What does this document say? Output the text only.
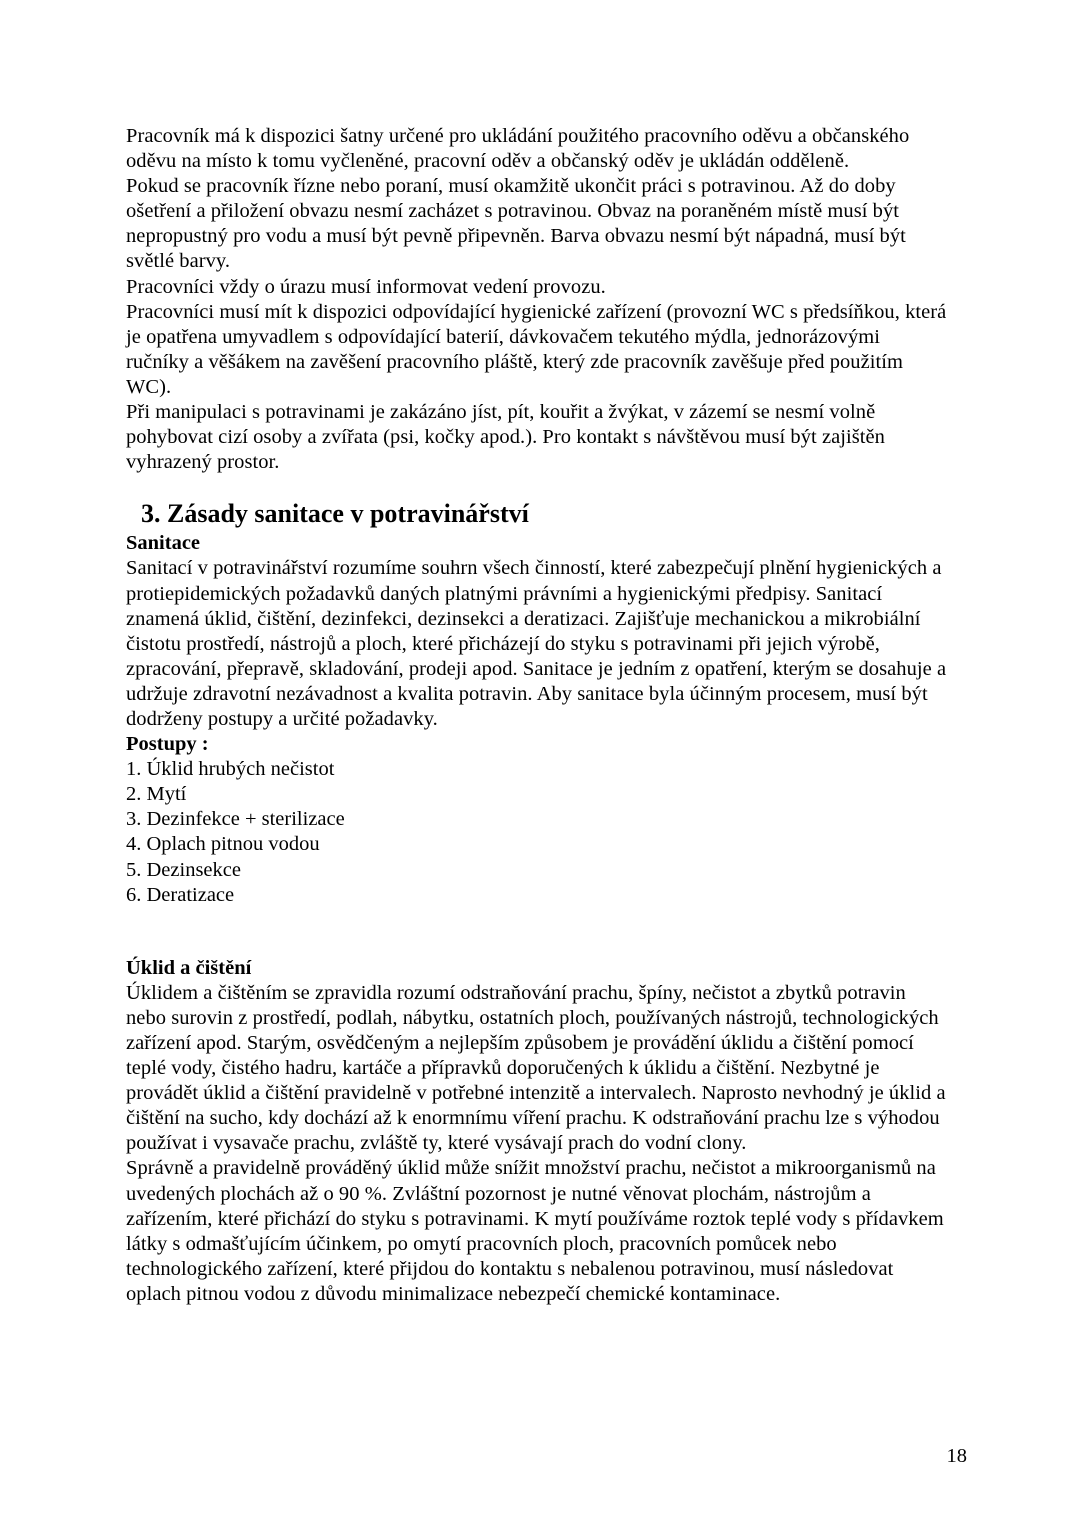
Pracovník má k dispozici šatny určené pro ukládání použitého pracovního oděvu a občanského oděvu na místo k tomu vyčleněné, pracovní oděv a občanský oděv je ukládán odděleně.

Pokud se pracovník řízne nebo poraní, musí okamžitě ukončit práci s potravinou. Až do doby ošetření a přiložení obvazu nesmí zacházet s potravinou. Obvaz na poraněném místě musí být nepropustný pro vodu a musí být pevně připevněn. Barva obvazu nesmí být nápadná, musí být světlé barvy.

Pracovníci vždy o úrazu musí informovat vedení provozu.

Pracovníci musí mít k dispozici odpovídající hygienické zařízení (provozní WC s předsíňkou, která je opatřena umyvadlem s odpovídající baterií, dávkovačem tekutého mýdla, jednorázovými ručníky a věšákem na zavěšení pracovního pláště, který zde pracovník zavěšuje před použitím WC).

Při manipulaci s potravinami je zakázáno jíst, pít, kouřit a žvýkat, v zázemí se nesmí volně pohybovat cizí osoby a zvířata (psi, kočky apod.). Pro kontakt s návštěvou musí být zajištěn vyhrazený prostor.

3. Zásady sanitace v potravinářství
Sanitace

Sanitací v potravinářství rozumíme souhrn všech činností, které zabezpečují plnění hygienických a protiepidemických požadavků daných platnými právními a hygienickými předpisy. Sanitací znamená úklid, čištění, dezinfekci, dezinsekci a deratizaci. Zajišťuje mechanickou a mikrobiální čistotu prostředí, nástrojů a ploch, které přicházejí do styku s potravinami při jejich výrobě, zpracování, přepravě, skladování, prodeji apod. Sanitace je jedním z opatření, kterým se dosahuje a udržuje zdravotní nezávadnost a kvalita potravin. Aby sanitace byla účinným procesem, musí být dodrženy postupy a určité požadavky.

Postupy :
1. Úklid hrubých nečistot
2. Mytí
3. Dezinfekce + sterilizace
4. Oplach pitnou vodou
5. Dezinsekce
6. Deratizace
Úklid a čištění

Úklidem a čištěním se zpravidla rozumí odstraňování prachu, špíny, nečistot a zbytků potravin nebo surovin z prostředí, podlah, nábytku, ostatních ploch, používaných nástrojů, technologických zařízení apod. Starým, osvědčeným a nejlepším způsobem je provádění úklidu a čištění pomocí teplé vody, čistého hadru, kartáče a přípravků doporučených k úklidu a čištění. Nezbytné je provádět úklid a čištění pravidelně v potřebné intenzitě a intervalech. Naprosto nevhodný je úklid a čištění na sucho, kdy dochází až k enormnímu víření prachu. K odstraňování prachu lze s výhodou používat i vysavače prachu, zvláště ty, které vysávají prach do vodní clony.

Správně a pravidelně prováděný úklid může snížit množství prachu, nečistot a mikroorganismů na uvedených plochách až o 90 %. Zvláštní pozornost je nutné věnovat plochám, nástrojům a zařízením, které přichází do styku s potravinami. K mytí používáme roztok teplé vody s přídavkem látky s odmašťujícím účinkem, po omytí pracovních ploch, pracovních pomůcek nebo technologického zařízení, které přijdou do kontaktu s nebalenou potravinou, musí následovat oplach pitnou vodou z důvodu minimalizace nebezpečí chemické kontaminace.

18
